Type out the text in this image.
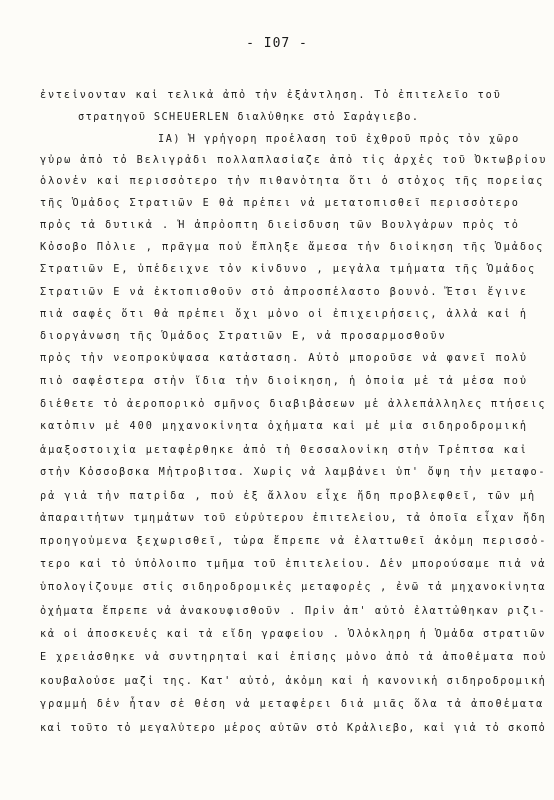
- I07 -
ἐντεἰνονταν καἰ τελικἀ ἀπὀ τἠν ἐξἀντληση. Τὀ ἐπιτελεῖο τοῦ
στρατηγοῦ SCHEUERLEN διαλὐθηκε στὀ Σαρἀγιεβο.
ΙΑ) Ἡ γρἡγορη προἑλαση τοῦ ἐχθροῦ πρὀς τὀν χῶρο
γὐρω ἀπὀ τὀ Βελιγρἀδι πολλαπλασἰαζε ἀπὀ τἰς ἀρχἑς τοῦ Ὀκτωβρἰου
ὁλονἑν καἰ περισσὀτερο τἠν πιθανὀτητα ὅτι ὁ στὀχος τῆς πορεἰας
τῆς Ὁμἀδος Στρατιῶν Ε θἀ πρἑπει νἀ μετατοπισθεῖ περισσὀτερο
πρὀς τἀ δυτικἀ . Ἡ ἀπρὀοπτη διεἰσδυση τῶν Βουλγἀρων πρὀς τὀ
Κὀσοβο Πὀλιε , πρᾶγμα ποὐ ἔπληξε ἄμεσα τἠν διοἰκηση τῆς Ὁμἀδος
Στρατιῶν Ε, ὑπἑδειχνε τὀν κἰνδυνο , μεγἀλα τμἡματα τῆς Ὁμἀδος
Στρατιῶν Ε νἀ ἐκτοπισθοῦν στὀ ἀπροσπἑλαστο βουνὀ. Ἔτσι ἔγινε
πιἀ σαφἑς ὅτι θἀ πρἑπει ὄχι μὀνο οἱ ἐπιχειρἡσεις, ἀλλἀ καἰ ἡ
διοργἀνωση τῆς Ὁμἀδος Στρατιῶν Ε, νἀ προσαρμοσθοῦν
πρὀς τἠν νεοπροκὐψασα κατἀσταση. Αὐτὀ μποροῦσε νἀ φανεῖ πολὐ
πιὀ σαφἑστερα στἠν ἴδια τἠν διοἰκηση, ἡ ὁποἰα μἑ τἀ μἑσα ποὐ
διἑθετε τὀ ἀεροπορικὀ σμῆνος διαβιβἀσεων μἑ ἀλλεπἀλληλες πτἡσεις
κατὀπιν μἑ 400 μηχανοκἰνητα ὀχἡματα καἰ μἑ μἰα σιδηροδρομικἡ
ἁμαξοστοιχἰα μεταφἑρθηκε ἀπὀ τἠ Θεσσαλονἰκη στἠν Τρἑπτσα καἰ
στἠν Κὀσσοβσκα Μἠτροβιτσα. Χωρἰς νἀ λαμβἀνει ὑπ' ὄψη τἠν μεταφο-
ρἀ γιἀ τἠν πατρἰδα , ποὐ ἐξ ἄλλου εἶχε ἤδη προβλεφθεῖ, τῶν μἠ
ἀπαραιτἡτων τμημἀτων τοῦ εὐρὐτερου ἐπιτελεἰου, τἀ ὁποῖα εἶχαν ἤδη
προηγοὐμενα ξεχωρισθεῖ, τὠρα ἔπρεπε νἀ ἐλαττωθεῖ ἀκὀμη περισσὀ-
τερο καἰ τὀ ὑπὀλοιπο τμῆμα τοῦ ἐπιτελεἰου. Δἑν μπορούσαμε πιἀ νἀ
ὑπολογἰζουμε στἰς σιδηροδρομικἑς μεταφορἑς , ἐνῶ τἀ μηχανοκἰνητα
ὀχἡματα ἔπρεπε νἀ ἀνακουφισθοῦν . Πρἰν ἀπ' αὐτὀ ἐλαττὠθηκαν ριζι-
κἀ οἱ ἀποσκευἑς καἰ τἀ εἴδη γραφεἰου . Ὁλὀκληρη ἡ Ὁμἀδα στρατιῶν
Ε χρειἀσθηκε νἀ συντηρηταἰ καἰ ἐπἰσης μὀνο ἀπὀ τἀ ἀποθἑματα ποὐ
κουβαλοὐσε μαζἰ της. Κατ' αὐτὀ, ἀκὀμη καἰ ἡ κανονικἡ σιδηροδρομικἡ
γραμμἡ δἑν ἦταν σἑ θἑση νἀ μεταφἑρει διἀ μιᾶς ὅλα τἀ ἀποθἑματα
καἰ τοῦτο τὀ μεγαλὐτερο μἑρος αὐτῶν στὀ Κρἀλιεβο, καἰ γιἀ τὀ σκοπὀ
